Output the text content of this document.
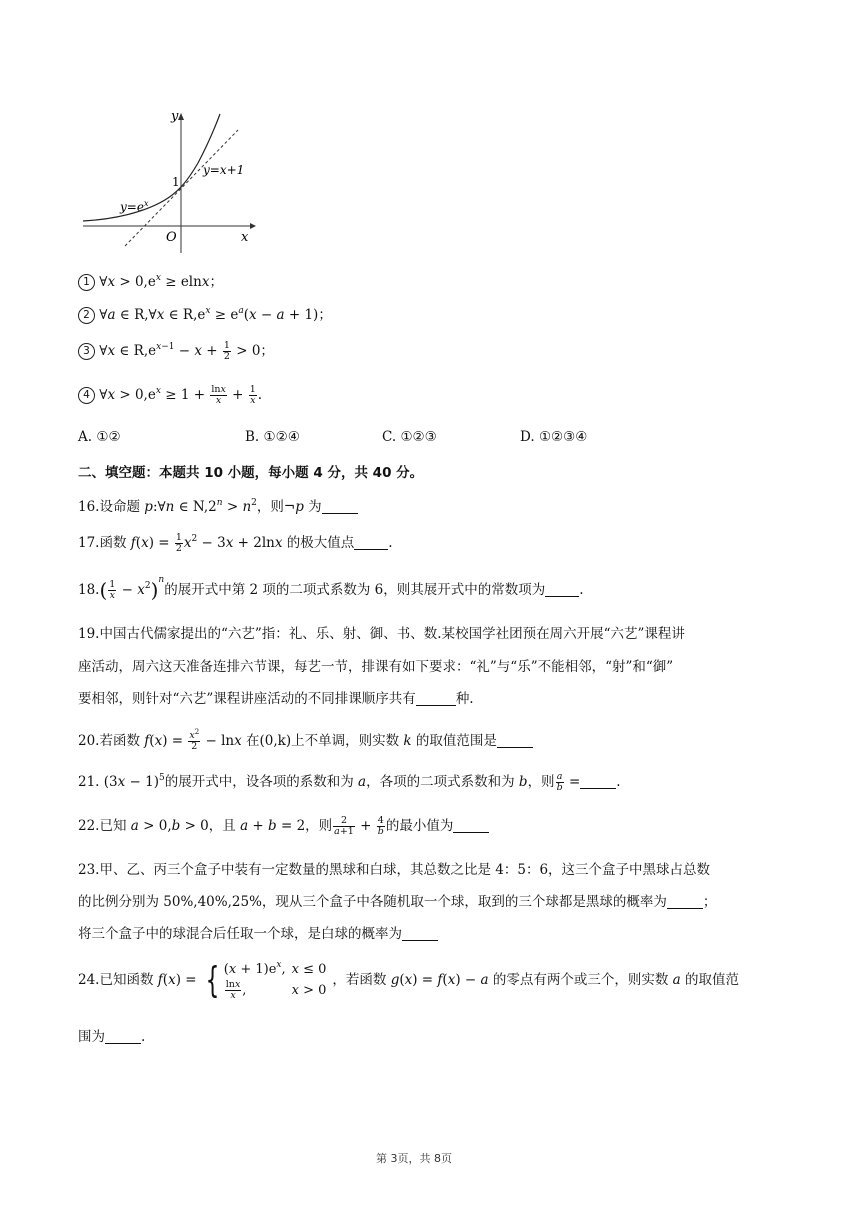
y
x
O
1
$y=e^x$
y=x+1
1 ∀x > $0,e^x \ge elnx$；
2 ∀a ∈ R,∀x ∈ $R,e^x \ge e^a(x - a + 1)$；
3 ∀x ∈ $R,e^{x-1} - x + \frac{1}{2} > 0$；
4 ∀x > $0,e^x \ge 1 + \frac{\ln x}{x} + \frac{1}{x}$ .
A. ①②	B. ①②④	C. ①②③	D. ①②③④
二、填空题：本题共 10 小题，每小题 4 分，共 40 分。
16.设命题 p:∀n ∈ $N,2^n > n^2$，则¬p 为
17.函数 $f(x) = \frac{1}{2} x^2 - 3x + 2\ln x$ 的极大值点	.
$18.( \frac{1}{x} - x^2)^n$的展开式中第 2 项的二项式系数为 6，则其展开式中的常数项为	.
19.中国古代儒家提出的“六艺”指：礼、乐、射、御、书、数.某校国学社团预在周六开展“六艺”课程讲
座活动，周六这天准备连排六节课，每艺一节，排课有如下要求：“礼”与“乐”不能相邻，“射”和“御”
要相邻，则针对“六艺”课程讲座活动的不同排课顺序共有	种.
20.若函数 $f(x) = \frac{x^2}{2} - \ln x$ 在(0,k)上不单调，则实数 k 的取值范围是
21. $(3x - 1)^5$的展开式中，设各项的系数和为 a，各项的二项式系数和为 b，则 $\frac{a}{b}$ =	.
22.已知 a > 0,b > 0，且 a + b = 2，则 $\frac{2}{a+1} + \frac{4}{b}$ 的最小值为
23.甲、乙、丙三个盒子中装有一定数量的黑球和白球，其总数之比是 4：5：6，这三个盒子中黑球占总数
的比例分别为 50%,40%,25%，现从三个盒子中各随机取一个球，取到的三个球都是黑球的概率为	；
将三个盒子中的球混合后任取一个球，是白球的概率为
24.已知函数 f(x) = { $(x + 1)e^x$,	x ≤ 0

$\frac{\ln x}{x}$ ,	x > 0，若函数 g(x) = f(x) − a 的零点有两个或三个，则实数 a 的取值范
围为	.
第 3页，共 8页
